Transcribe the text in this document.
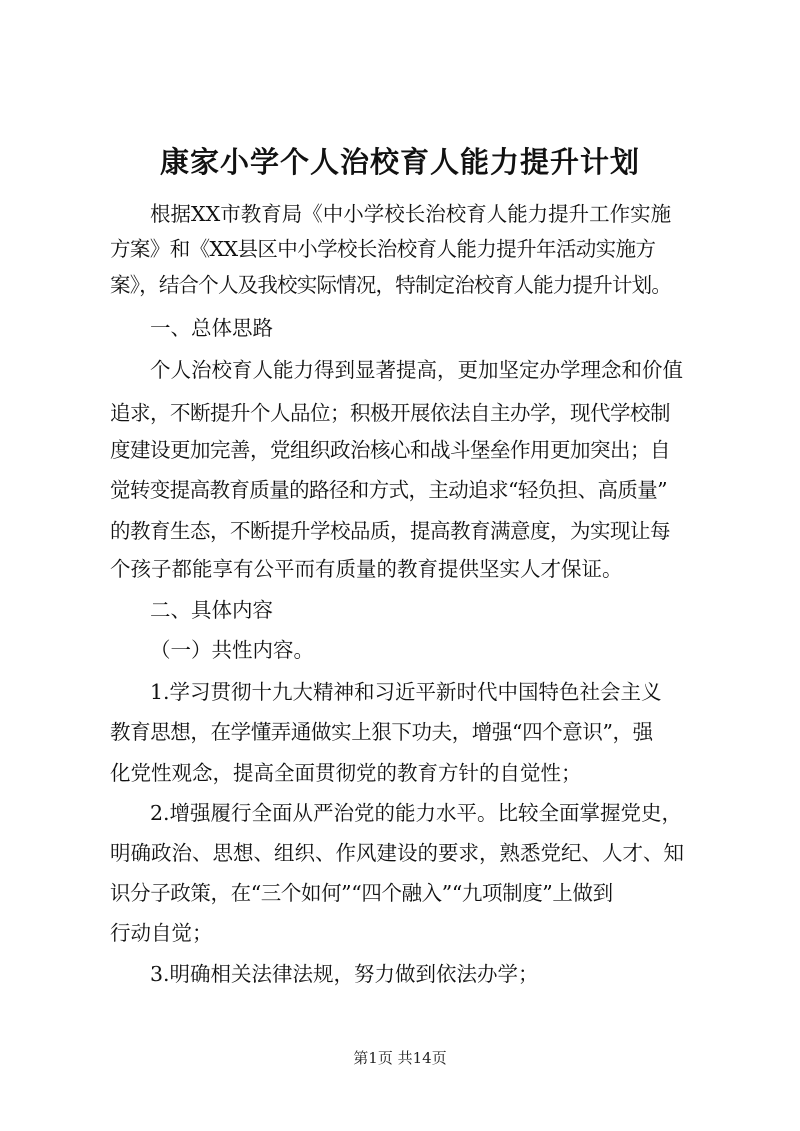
康家小学个人治校育人能力提升计划
根据XX市教育局《中小学校长治校育人能力提升工作实施
方案》和《XX县区中小学校长治校育人能力提升年活动实施方
案》，结合个人及我校实际情况，特制定治校育人能力提升计划。
一、总体思路
个人治校育人能力得到显著提高，更加坚定办学理念和价值
追求，不断提升个人品位；积极开展依法自主办学，现代学校制
度建设更加完善，党组织政治核心和战斗堡垒作用更加突出；自
觉转变提高教育质量的路径和方式，主动追求“轻负担、高质量”
的教育生态，不断提升学校品质，提高教育满意度，为实现让每
个孩子都能享有公平而有质量的教育提供坚实人才保证。
二、具体内容
（一）共性内容。
1.学习贯彻十九大精神和习近平新时代中国特色社会主义
教育思想，在学懂弄通做实上狠下功夫，增强“四个意识”，强
化党性观念，提高全面贯彻党的教育方针的自觉性；
2.增强履行全面从严治党的能力水平。比较全面掌握党史，
明确政治、思想、组织、作风建设的要求，熟悉党纪、人才、知
识分子政策，在“三个如何”“四个融入”“九项制度”上做到
行动自觉；
3.明确相关法律法规，努力做到依法办学；
第1页 共14页
